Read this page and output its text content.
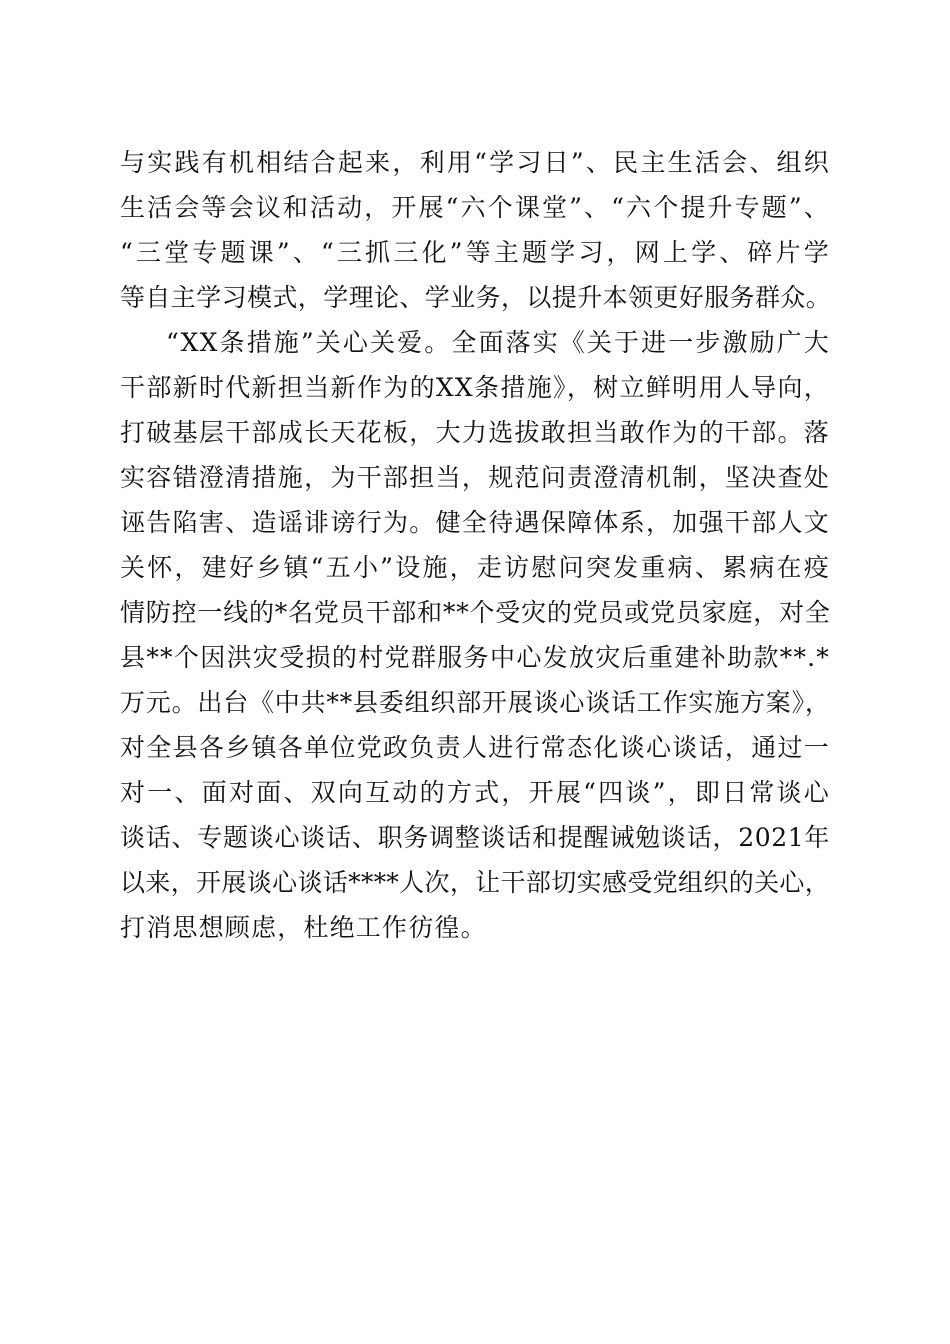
与实践有机相结合起来，利用“学习日”、民主生活会、组织
生活会等会议和活动，开展“六个课堂”、“六个提升专题”、
“三堂专题课”、“三抓三化”等主题学习，网上学、碎片学
等自主学习模式，学理论、学业务，以提升本领更好服务群众。
“XX条措施”关心关爱。全面落实《关于进一步激励广大
干部新时代新担当新作为的XX条措施》，树立鲜明用人导向，
打破基层干部成长天花板，大力选拔敢担当敢作为的干部。落
实容错澄清措施，为干部担当，规范问责澄清机制，坚决查处
诬告陷害、造谣诽谤行为。健全待遇保障体系，加强干部人文
关怀，建好乡镇“五小”设施，走访慰问突发重病、累病在疫
情防控一线的*名党员干部和**个受灾的党员或党员家庭，对全
县**个因洪灾受损的村党群服务中心发放灾后重建补助款**.*
万元。出台《中共**县委组织部开展谈心谈话工作实施方案》，
对全县各乡镇各单位党政负责人进行常态化谈心谈话，通过一
对一、面对面、双向互动的方式，开展“四谈”，即日常谈心
谈话、专题谈心谈话、职务调整谈话和提醒诫勉谈话，2021年
以来，开展谈心谈话****人次，让干部切实感受党组织的关心，
打消思想顾虑，杜绝工作彷徨。
